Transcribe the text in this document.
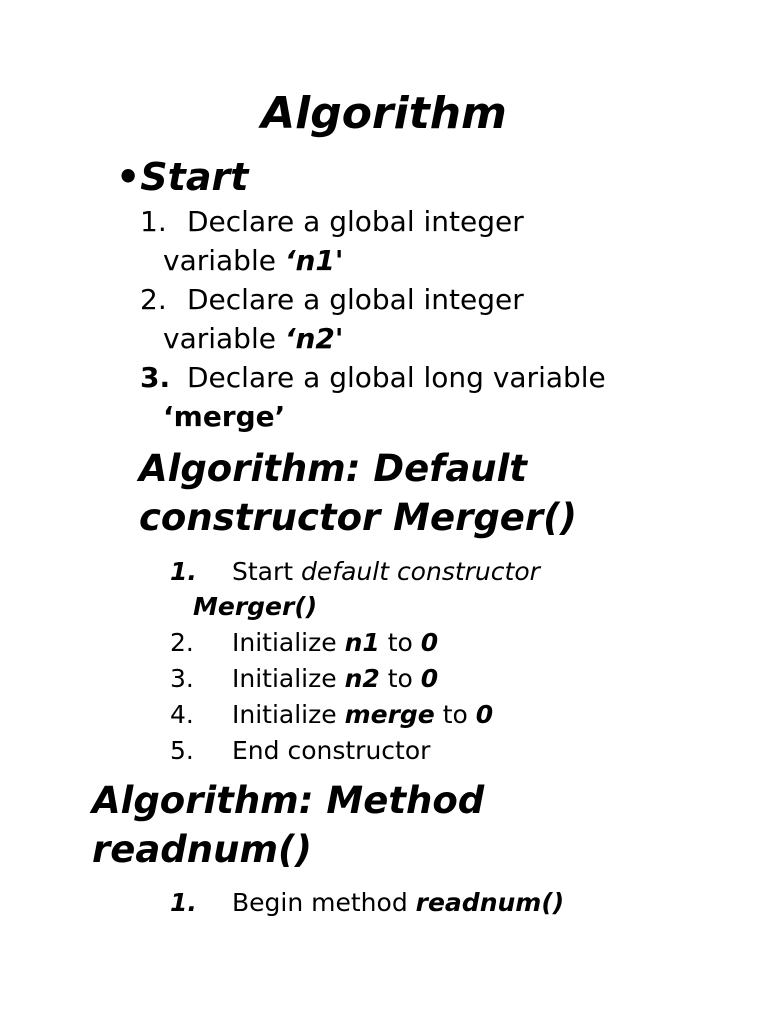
Algorithm
•Start
1. Declare a global integer
variable ‘n1'
2. Declare a global integer
variable ‘n2'
3. Declare a global long variable
‘merge’
Algorithm: Default
constructor Merger()
1. Start default constructor
Merger()
2. Initialize n1 to 0
3. Initialize n2 to 0
4. Initialize merge to 0
5. End constructor
Algorithm: Method
readnum()
1. Begin method readnum()
